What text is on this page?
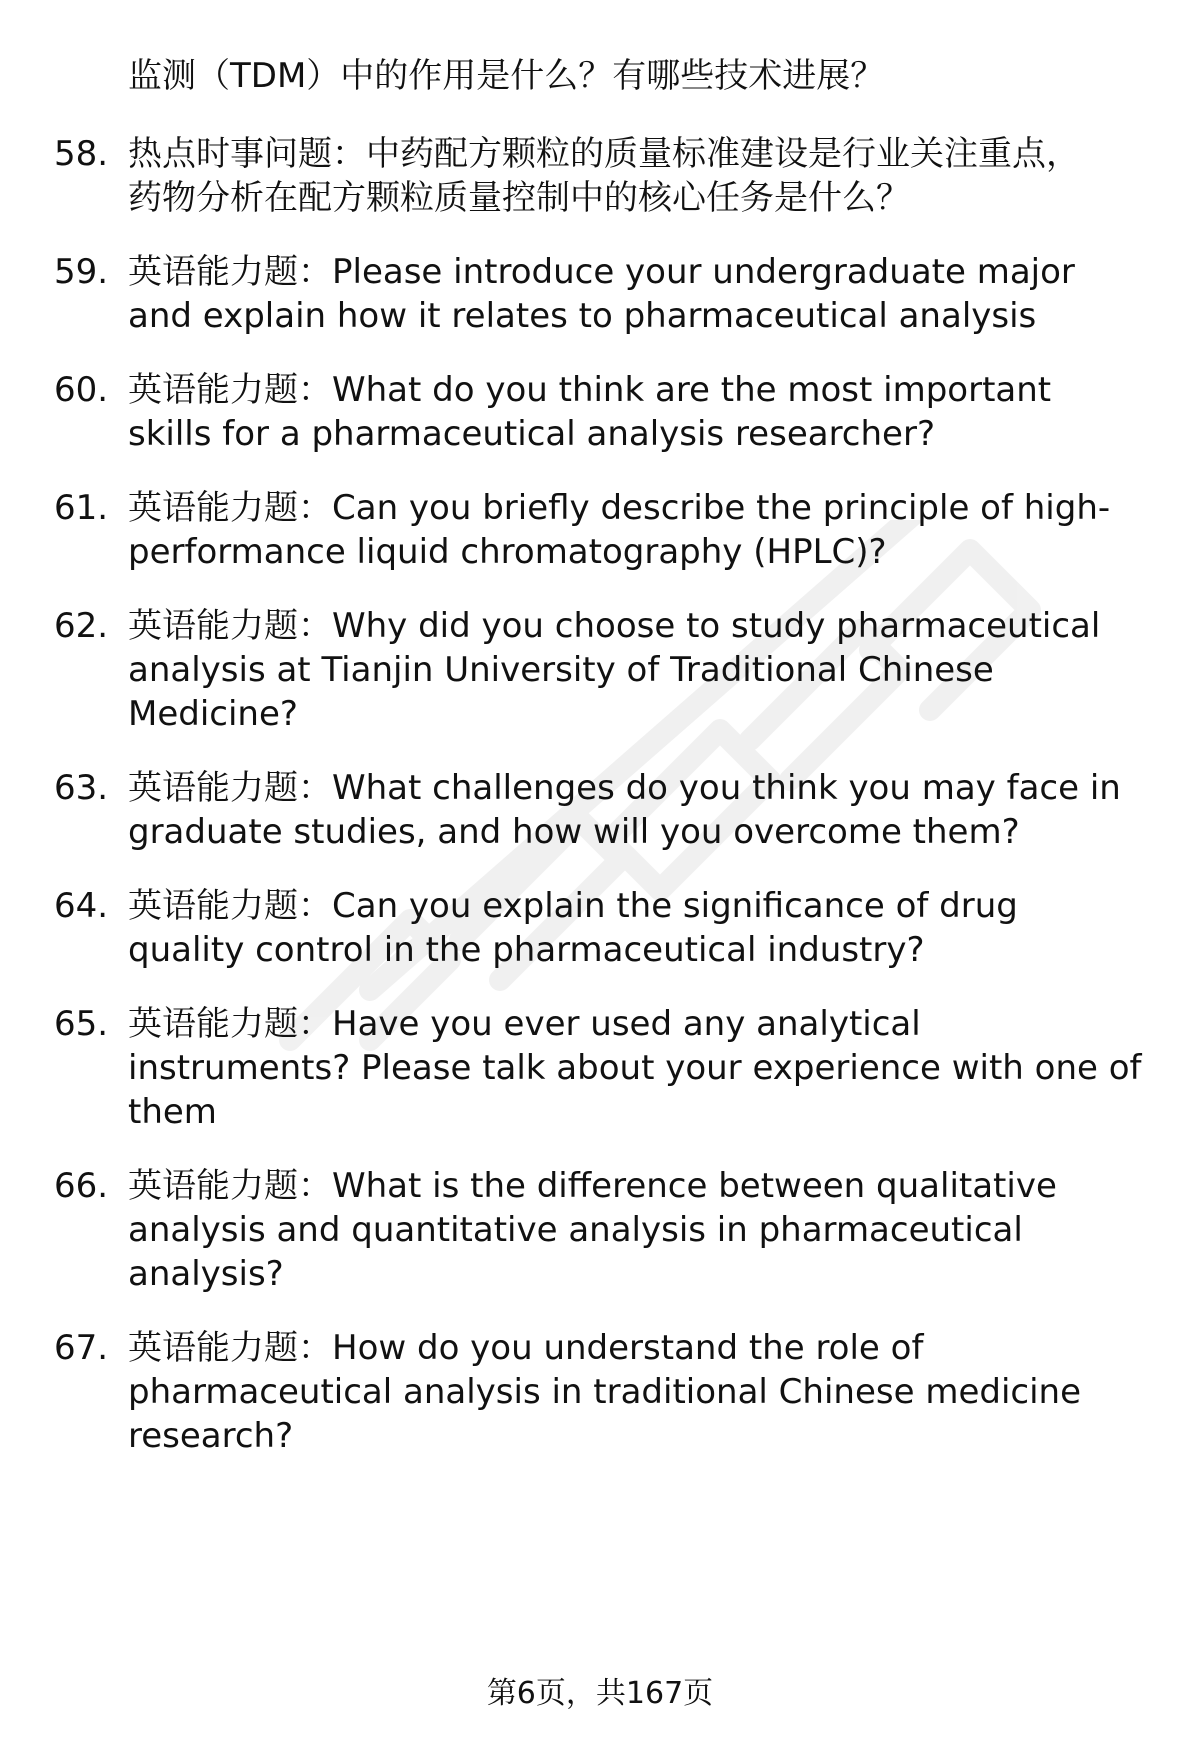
监测（TDM）中的作用是什么？有哪些技术进展？
58. 热点时事问题：中药配方颗粒的质量标准建设是行业关注重点，
药物分析在配方颗粒质量控制中的核心任务是什么？
59. 英语能力题：Please introduce your undergraduate major
and explain how it relates to pharmaceutical analysis
60. 英语能力题：What do you think are the most important
skills for a pharmaceutical analysis researcher?
61. 英语能力题：Can you briefly describe the principle of high-
performance liquid chromatography (HPLC)?
62. 英语能力题：Why did you choose to study pharmaceutical
analysis at Tianjin University of Traditional Chinese
Medicine?
63. 英语能力题：What challenges do you think you may face in
graduate studies, and how will you overcome them?
64. 英语能力题：Can you explain the significance of drug
quality control in the pharmaceutical industry?
65. 英语能力题：Have you ever used any analytical
instruments? Please talk about your experience with one of
them
66. 英语能力题：What is the difference between qualitative
analysis and quantitative analysis in pharmaceutical
analysis?
67. 英语能力题：How do you understand the role of
pharmaceutical analysis in traditional Chinese medicine
research?
第6页，共167页
